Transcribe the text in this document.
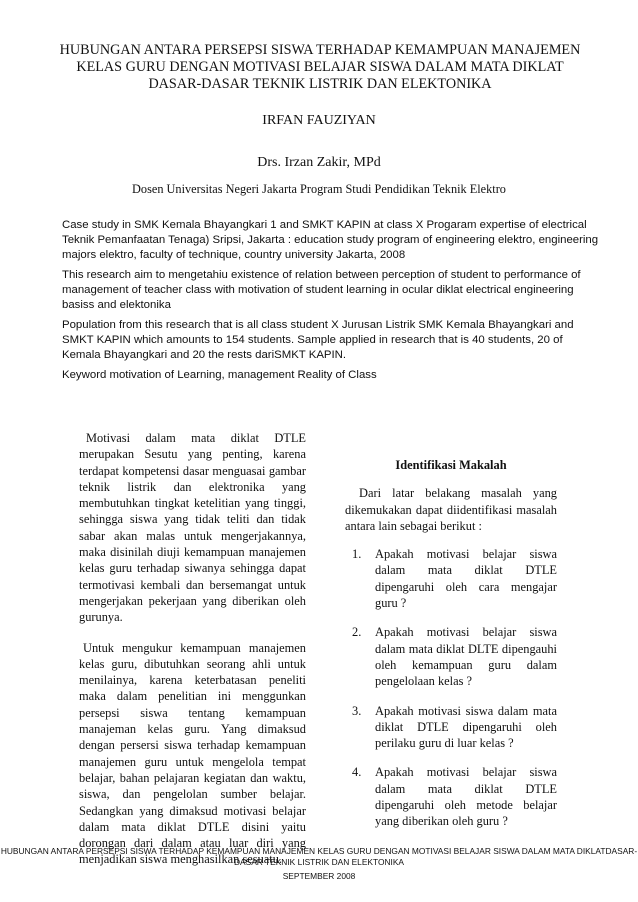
HUBUNGAN ANTARA PERSEPSI SISWA TERHADAP KEMAMPUAN MANAJEMEN KELAS GURU DENGAN MOTIVASI BELAJAR SISWA DALAM MATA DIKLAT DASAR-DASAR TEKNIK LISTRIK DAN ELEKTONIKA
IRFAN FAUZIYAN
Drs. Irzan Zakir, MPd
Dosen Universitas Negeri Jakarta Program Studi Pendidikan Teknik Elektro
Case study in SMK Kemala Bhayangkari 1 and SMKT KAPIN at class X Progaram expertise of electrical Teknik Pemanfaatan Tenaga) Sripsi, Jakarta : education study program of engineering elektro, engineering majors elektro, faculty of technique, country university Jakarta, 2008
This research aim to mengetahiu existence of relation between perception of student to performance of management of teacher class with motivation of student learning in ocular diklat electrical engineering basiss and elektonika
Population from this research that is all class student X Jurusan Listrik SMK Kemala Bhayangkari and SMKT KAPIN which amounts to 154 students. Sample applied in research that is 40 students, 20 of Kemala Bhayangkari and 20 the rests dariSMKT KAPIN.
Keyword motivation of Learning, management Reality of Class

Motivasi dalam mata diklat DTLE merupakan Sesutu yang penting, karena terdapat kompetensi dasar menguasai gambar teknik listrik dan elektronika yang membutuhkan tingkat ketelitian yang tinggi, sehingga siswa yang tidak teliti dan tidak sabar akan malas untuk mengerjakannya, maka disinilah diuji kemampuan manajemen kelas guru terhadap siwanya sehingga dapat termotivasi kembali dan bersemangat untuk mengerjakan pekerjaan yang diberikan oleh gurunya.

Untuk mengukur kemampuan manajemen kelas guru, dibutuhkan seorang ahli untuk menilainya, karena keterbatasan peneliti maka dalam penelitian ini menggunkan persepsi siswa tentang kemampuan manajeman kelas guru. Yang dimaksud dengan persersi siswa terhadap kemampuan manajemen guru untuk mengelola tempat belajar, bahan pelajaran kegiatan dan waktu, siswa, dan pengelolan sumber belajar. Sedangkan yang dimaksud motivasi belajar dalam mata diklat DTLE disini yaitu dorongan dari dalam atau luar diri yang menjadikan siswa menghasilkan sesuatu.

Identifikasi Makalah
Dari latar belakang masalah yang dikemukakan dapat diidentifikasi masalah antara lain sebagai berikut :
1. Apakah motivasi belajar siswa dalam mata diklat DTLE dipengaruhi oleh cara mengajar guru ?
2. Apakah motivasi belajar siswa dalam mata diklat DLTE dipengauhi oleh kemampuan guru dalam pengelolaan kelas ?
3. Apakah motivasi siswa dalam mata diklat DTLE dipengaruhi oleh perilaku guru di luar kelas ?
4. Apakah motivasi belajar siswa dalam mata diklat DTLE dipengaruhi oleh metode belajar yang diberikan oleh guru ?
HUBUNGAN ANTARA PERSEPSI SISWA TERHADAP KEMAMPUAN MANAJEMEN KELAS GURU DENGAN MOTIVASI BELAJAR SISWA DALAM MATA DIKLATDASAR-DASAR TEKNIK LISTRIK DAN ELEKTONIKA
SEPTEMBER 2008
